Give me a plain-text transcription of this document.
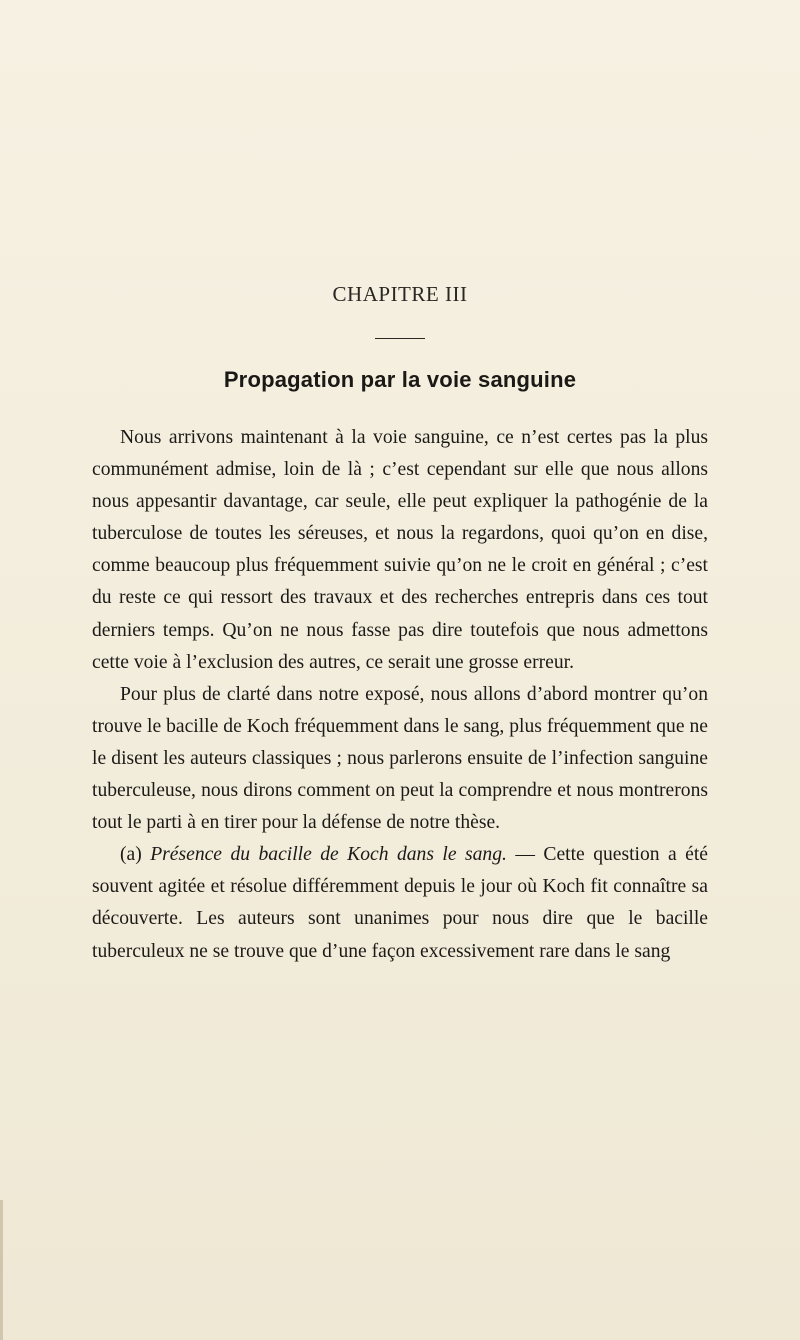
CHAPITRE III
Propagation par la voie sanguine

Nous arrivons maintenant à la voie sanguine, ce n’est certes pas la plus communément admise, loin de là ; c’est cependant sur elle que nous allons nous appesantir davantage, car seule, elle peut expliquer la pathogénie de la tuberculose de toutes les séreuses, et nous la regardons, quoi qu’on en dise, comme beaucoup plus fréquemment suivie qu’on ne le croit en général ; c’est du reste ce qui ressort des travaux et des recherches entrepris dans ces tout derniers temps. Qu’on ne nous fasse pas dire toutefois que nous admettons cette voie à l’exclusion des autres, ce serait une grosse erreur.

Pour plus de clarté dans notre exposé, nous allons d’abord montrer qu’on trouve le bacille de Koch fréquemment dans le sang, plus fréquemment que ne le disent les auteurs classiques ; nous parlerons ensuite de l’infection sanguine tuberculeuse, nous dirons comment on peut la comprendre et nous montrerons tout le parti à en tirer pour la défense de notre thèse.

(a) Présence du bacille de Koch dans le sang. — Cette question a été souvent agitée et résolue différemment depuis le jour où Koch fit connaître sa découverte. Les auteurs sont unanimes pour nous dire que le bacille tuberculeux ne se trouve que d’une façon excessivement rare dans le sang
